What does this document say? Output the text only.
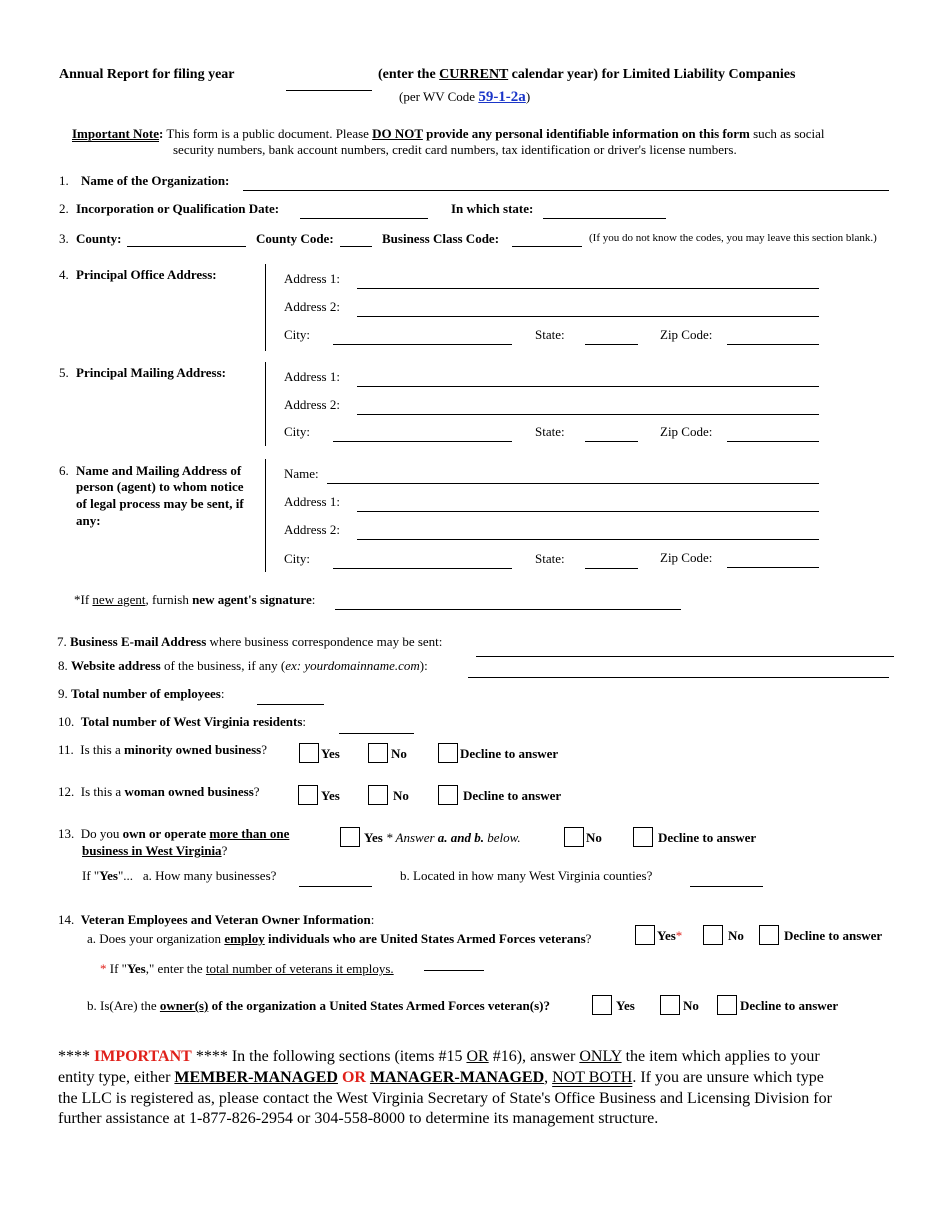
Annual Report for filing year	(enter the CURRENT calendar year) for Limited Liability Companies
(per WV Code 59-1-2a)
Important Note: This form is a public document. Please DO NOT provide any personal identifiable information on this form such as social
security numbers, bank account numbers, credit card numbers, tax identification or driver's license numbers.
1. Name of the Organization:
2. Incorporation or Qualification Date:	In which state:
3. County:	County Code:	Business Class Code:	(If you do not know the codes, you may leave this section blank.)
4. Principal Office Address:	Address 1:
Address 2:
City:	State:	Zip Code:
5. Principal Mailing Address:	Address 1:
Address 2:
City:	State:	Zip Code:
6. Name and Mailing Address of
person (agent) to whom notice
of legal process may be sent, if
any:
Name:
Address 1:
Address 2:
City:	State:	Zip Code:
*If new agent, furnish new agent's signature:
7. Business E-mail Address where business correspondence may be sent:
8. Website address of the business, if any (ex: yourdomainname.com):
9. Total number of employees:
10. Total number of West Virginia residents:
11. Is this a minority owned business?	Yes	No	Decline to answer
12. Is this a woman owned business?	Yes	No	Decline to answer
13. Do you own or operate more than one
business in West Virginia?
Yes * Answer a. and b. below.	No	Decline to answer
If "Yes"... a. How many businesses?	b. Located in how many West Virginia counties?
14. Veteran Employees and Veteran Owner Information:
a. Does your organization employ individuals who are United States Armed Forces veterans?	Yes*	No	Decline to answer
* If "Yes," enter the total number of veterans it employs.
b. Is(Are) the owner(s) of the organization a United States Armed Forces veteran(s)?	Yes	No	Decline to answer
**** IMPORTANT **** In the following sections (items #15 OR #16), answer ONLY the item which applies to your
entity type, either MEMBER-MANAGED OR MANAGER-MANAGED, NOT BOTH. If you are unsure which type
the LLC is registered as, please contact the West Virginia Secretary of State's Office Business and Licensing Division for
further assistance at 1-877-826-2954 or 304-558-8000 to determine its management structure.
